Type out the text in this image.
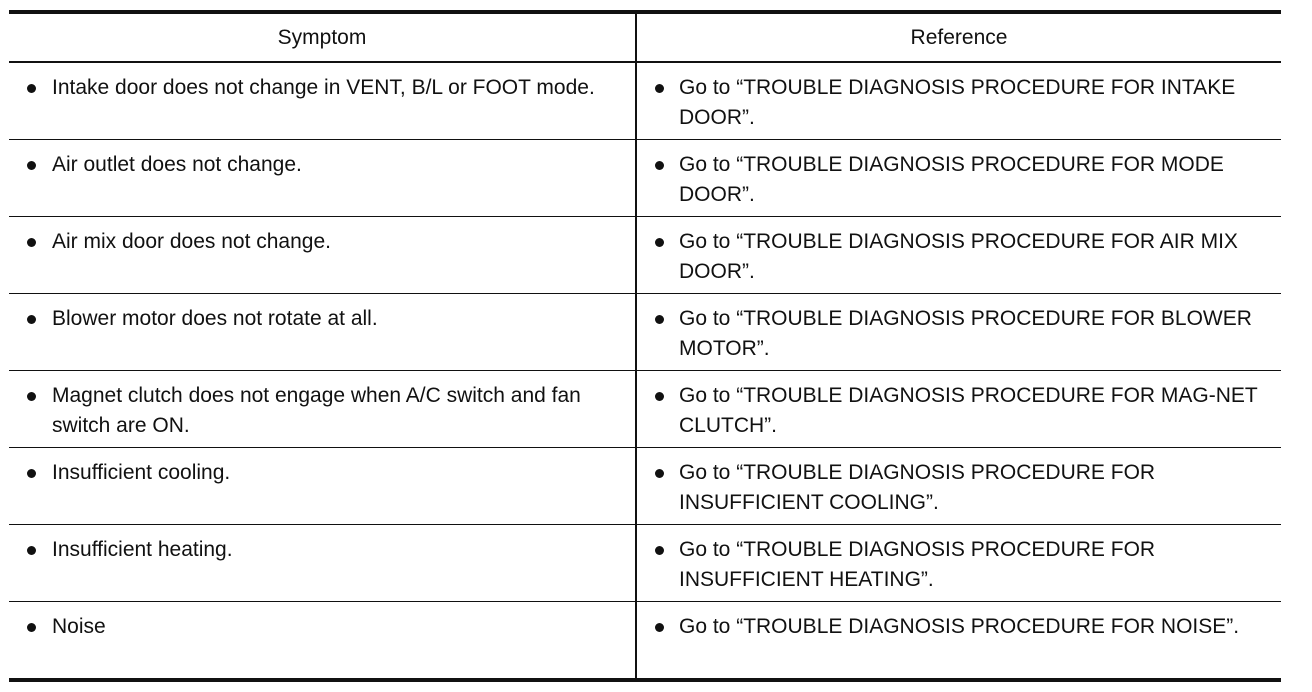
Symptom	Reference

Intake door does not change in VENT, B/L or FOOT mode.	Go to “TROUBLE DIAGNOSIS PROCEDURE FOR INTAKE DOOR”.

Air outlet does not change.	Go to “TROUBLE DIAGNOSIS PROCEDURE FOR MODE DOOR”.

Air mix door does not change.	Go to “TROUBLE DIAGNOSIS PROCEDURE FOR AIR MIX DOOR”.

Blower motor does not rotate at all.	Go to “TROUBLE DIAGNOSIS PROCEDURE FOR BLOWER MOTOR”.

Magnet clutch does not engage when A/C switch and fan switch are ON.	Go to “TROUBLE DIAGNOSIS PROCEDURE FOR MAG-NET CLUTCH”.

Insufficient cooling.	Go to “TROUBLE DIAGNOSIS PROCEDURE FOR INSUFFICIENT COOLING”.

Insufficient heating.	Go to “TROUBLE DIAGNOSIS PROCEDURE FOR INSUFFICIENT HEATING”.

Noise	Go to “TROUBLE DIAGNOSIS PROCEDURE FOR NOISE”.
